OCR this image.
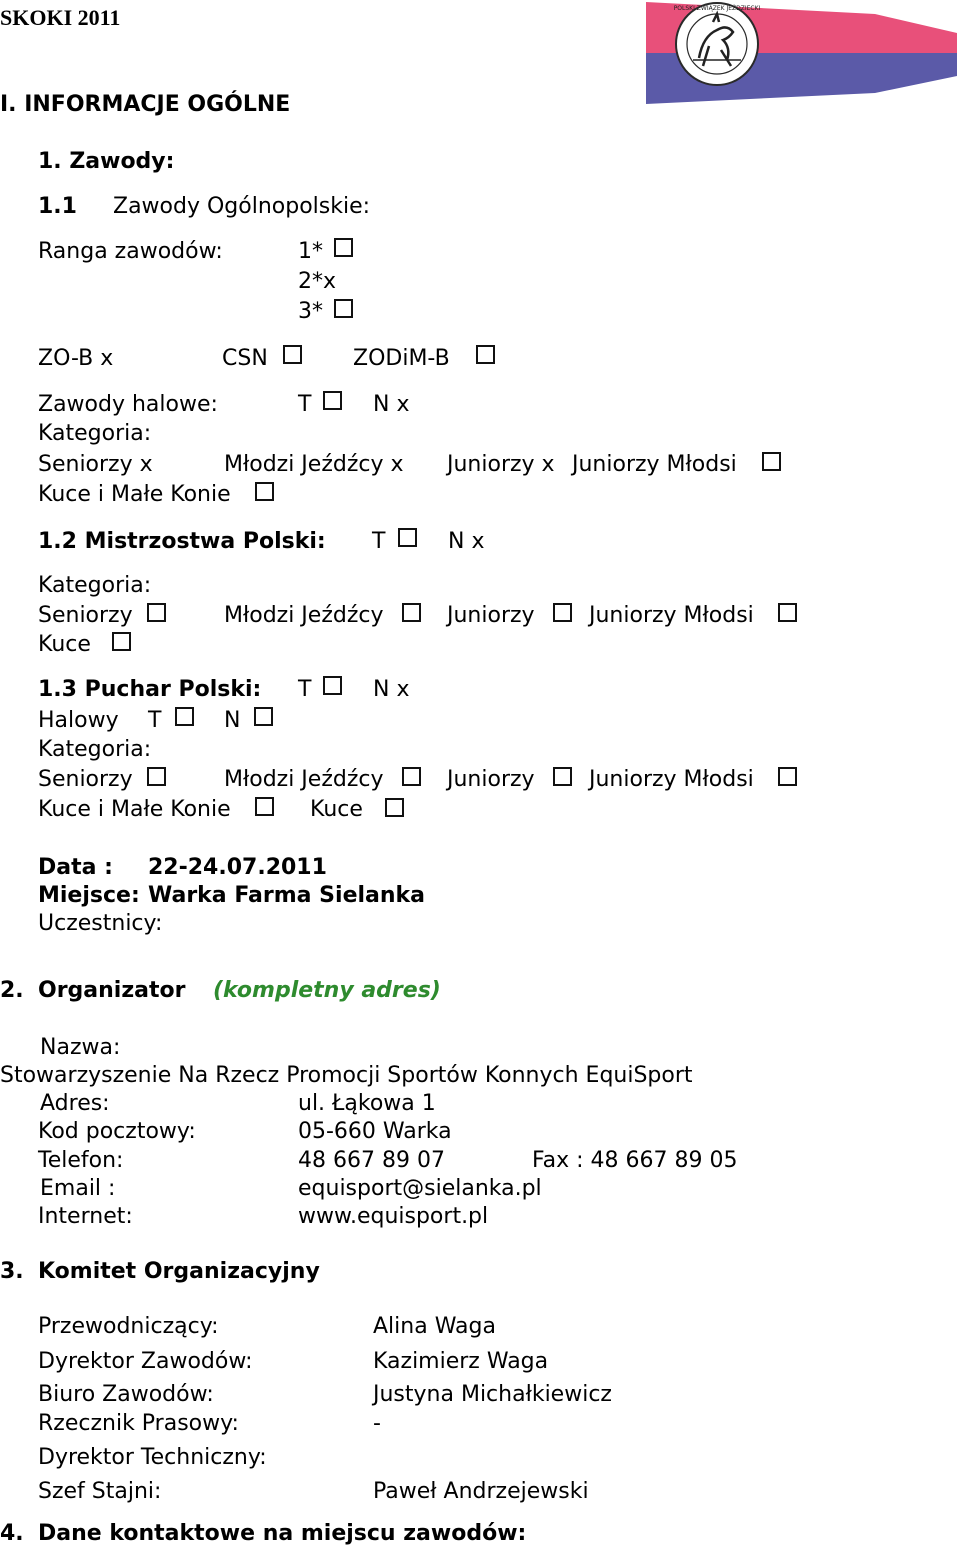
SKOKI 2011	POLSKI ZWIĄZEK JEŹDZIECKI
I. INFORMACJE OGÓLNE
1. Zawody:
1.1 Zawody Ogólnopolskie:
Ranga zawodów:	1*
2*x
3*
ZO-B x	CSN	ZODiM-B
Zawody halowe:	T	N x
Kategoria:
Seniorzy x	Młodzi Jeźdźcy x Juniorzy x Juniorzy Młodsi
Kuce i Małe Konie
1.2 Mistrzostwa Polski: T	N x
Kategoria:
Seniorzy	Młodzi Jeźdźcy	Juniorzy Juniorzy Młodsi
Kuce
1.3 Puchar Polski: T	N x
Halowy T	N
Kategoria:
Seniorzy	Młodzi Jeźdźcy	Juniorzy Juniorzy Młodsi
Kuce i Małe Konie	Kuce
Data : 22-24.07.2011
Miejsce: Warka Farma Sielanka
Uczestnicy:
2. Organizator (kompletny adres)
Nazwa:
Stowarzyszenie Na Rzecz Promocji Sportów Konnych EquiSport
Adres:	ul. Łąkowa 1
Kod pocztowy:	05-660 Warka
Telefon:	48 667 89 07	Fax : 48 667 89 05
Email :	equisport@sielanka.pl
Internet:	www.equisport.pl
3. Komitet Organizacyjny
Przewodniczący:	Alina Waga
Dyrektor Zawodów:	Kazimierz Waga
Biuro Zawodów:	Justyna Michałkiewicz
Rzecznik Prasowy:	-
Dyrektor Techniczny:
Szef Stajni:	Paweł Andrzejewski
4. Dane kontaktowe na miejscu zawodów:
